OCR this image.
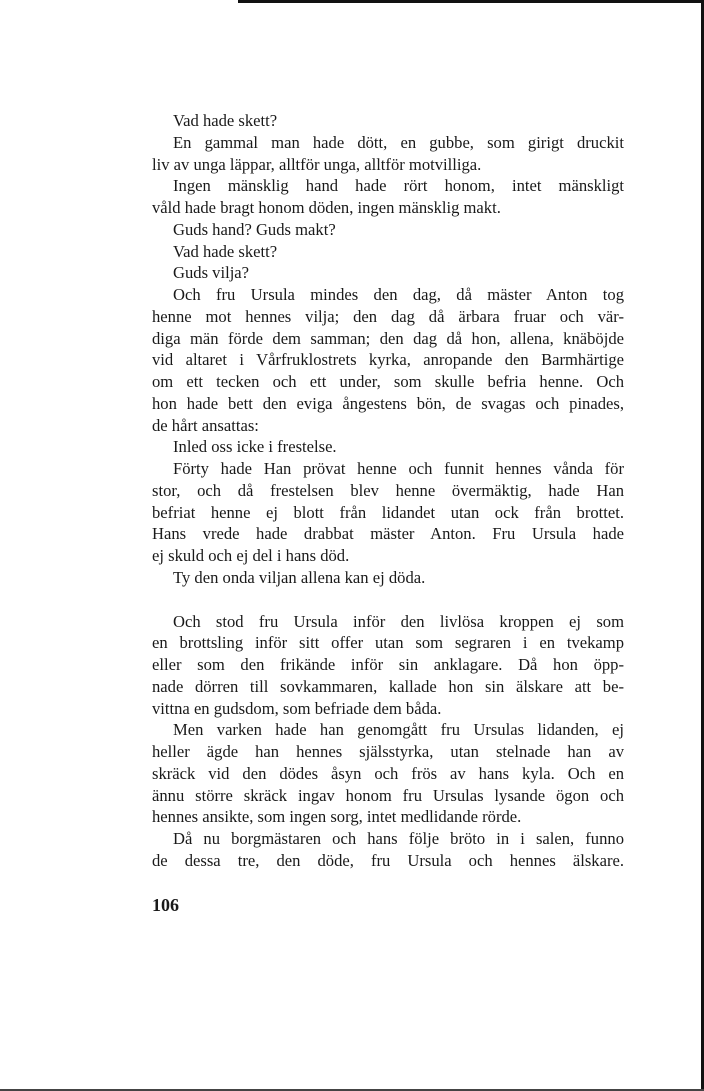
Vad hade skett?
En gammal man hade dött, en gubbe, som girigt druckit
liv av unga läppar, alltför unga, alltför motvilliga.
Ingen mänsklig hand hade rört honom, intet mänskligt
våld hade bragt honom döden, ingen mänsklig makt.
Guds hand? Guds makt?
Vad hade skett?
Guds vilja?
Och fru Ursula mindes den dag, då mäster Anton tog
henne mot hennes vilja; den dag då ärbara fruar och vär-
diga män förde dem samman; den dag då hon, allena, knäböjde
vid altaret i Vårfruklostrets kyrka, anropande den Barmhärtige
om ett tecken och ett under, som skulle befria henne. Och
hon hade bett den eviga ångestens bön, de svagas och pinades,
de hårt ansattas:
Inled oss icke i frestelse.
Förty hade Han prövat henne och funnit hennes vånda för
stor, och då frestelsen blev henne övermäktig, hade Han
befriat henne ej blott från lidandet utan ock från brottet.
Hans vrede hade drabbat mäster Anton. Fru Ursula hade
ej skuld och ej del i hans död.
Ty den onda viljan allena kan ej döda.
Och stod fru Ursula inför den livlösa kroppen ej som
en brottsling inför sitt offer utan som segraren i en tvekamp
eller som den frikände inför sin anklagare. Då hon öpp-
nade dörren till sovkammaren, kallade hon sin älskare att be-
vittna en gudsdom, som befriade dem båda.
Men varken hade han genomgått fru Ursulas lidanden, ej
heller ägde han hennes själsstyrka, utan stelnade han av
skräck vid den dödes åsyn och frös av hans kyla. Och en
ännu större skräck ingav honom fru Ursulas lysande ögon och
hennes ansikte, som ingen sorg, intet medlidande rörde.
Då nu borgmästaren och hans följe bröto in i salen, funno
de dessa tre, den döde, fru Ursula och hennes älskare.
106
